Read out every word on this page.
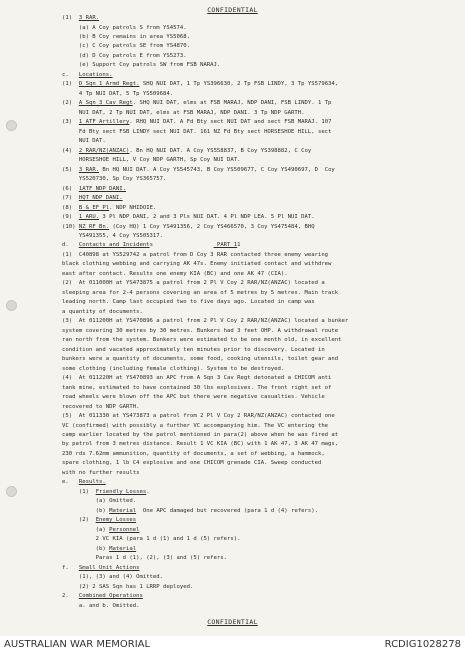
CONFIDENTIAL
(1)  3 RAR.
(a) A Coy patrols S from YS4574.
(b) B Coy remains in area YS5068.
(c) C Coy patrols SE from YS4870.
(d) D Coy patrols E from YS5273.
(e) Support Coy patrols SW from FSB NARAJ.
c.   Locations.
(1)  D Sqn 1 Armd Regt. SHQ NUI DAT, 1 Tp YS396630, 2 Tp FSB LINDY, 3 Tp YS579634,
4 Tp NUI DAT, 5 Tp YS509684.
(2)  A Sqn 3 Cav Regt. SHQ NUI DAT, elms at FSB MARAJ, NDP DANI, FSB LINDY. 1 Tp
NUI DAT, 2 Tp NUI DAT, elms at FSB MARAJ, NDP DANI. 3 Tp NDP GARTH.
(3)  1 ATF Artillery. RHQ NUI DAT. A Fd Bty sect NUI DAT and sect FSB MARAJ. 107
Fd Bty sect FSB LINDY sect NUI DAT. 161 NZ Fd Bty sect HORSESHOE HILL, sect
NUI DAT.
(4)  2 RAR/NZ(ANZAC). Bn HQ NUI DAT. A Coy YS558837, B Coy YS398882, C Coy
HORSESHOE HILL, V Coy NDP GARTH, Sp Coy NUI DAT.
(5)  3 RAR. Bn HQ NUI DAT. A Coy YS545743, B Coy YS509677, C Coy YS490697, D  Coy
YS520730, Sp Coy YS365757.
(6)  1ATF NDP DANI.
(7)  HQT NDP DANI.
(8)  B & EF Pl. NDP NHIDOIE.
(9)  1 ARU. 3 Pl NDP DANI, 2 and 3 Pls NUI DAT. 4 Pl NDP LEA. 5 Pl NUI DAT.
(10) NZ RF Bn. (Coy HQ) 1 Coy YS491356, 2 Coy YS466570, 3 Coy YS475484, BHQ
YS491355, 4 Coy YS505317.
d.   Contacts and Incidents                   PART 11
(1)  C40898 at YS529742 a patrol from D Coy 3 RAR contacted three enemy wearing
black clothing webbing and carrying AK 47s. Enemy initiated contact and withdrew
east after contact. Results one enemy KIA (BC) and one AK 47 (CIA).
(2)  At 011000H at YS473875 a patrol from 2 Pl V Coy 2 RAR/NZ(ANZAC) located a
sleeping area for 2-4 persons covering an area of 5 metres by 5 metres. Main track
leading north. Camp last occupied two to five days ago. Located in camp was
a quantity of documents.
(3)  At 011200H at YS470896 a patrol from 2 Pl V Coy 2 RAR/NZ(ANZAC) located a bunker
system covering 30 metres by 30 metres. Bunkers had 3 feet OHP. A withdrawal route
ran north from the system. Bunkers were estimated to be one month old, in excellent
condition and vacated approximately ten minutes prior to discovery. Located in
bunkers were a quantity of documents, some food, cooking utensils, toilet gear and
some clothing (including female clothing). System to be destroyed.
(4)  At 011220H at YS470893 an APC from A Sqn 3 Cav Regt detonated a CHICOM anti
tank mine, estimated to have contained 30 lbs explosives. The front right set of
road wheels were blown off the APC but there were negative casualties. Vehicle
recovered to NDP GARTH.
(5)  At 011330 at YS473873 a patrol from 2 Pl V Coy 2 RAR/NZ(ANZAC) contacted one
VC (confirmed) with possibly a further VC accompanying him. The VC entering the
camp earlier located by the patrol mentioned in para(2) above when he was fired at
by patrol from 3 metres distance. Result 1 VC KIA (BC) with 1 AK 47, 3 AK 47 mags,
230 rds 7.62mm ammunition, quantity of documents, a set of webbing, a hammock,
spare clothing, 1 lb C4 explosive and one CHICOM grenade CIA. Sweep conducted
with no further results
e.   Results.
(1)  Friendly Losses.
(a) Omitted.
(b) Material  One APC damaged but recovered (para 1 d (4) refers).
(2)  Enemy Losses
(a) Personnel
2 VC KIA (para 1 d (1) and 1 d (5) refers).
(b) Material
Paras 1 d (1), (2), (3) and (5) refers.
f.   Small Unit Actions
(1), (3) and (4) Omitted.
(2) 2 SAS Sqn has 1 LRRP deployed.
2.   Combined Operations
a. and b. Omitted.
CONFIDENTIAL
AUSTRALIAN WAR MEMORIAL	RCDIG1028278
